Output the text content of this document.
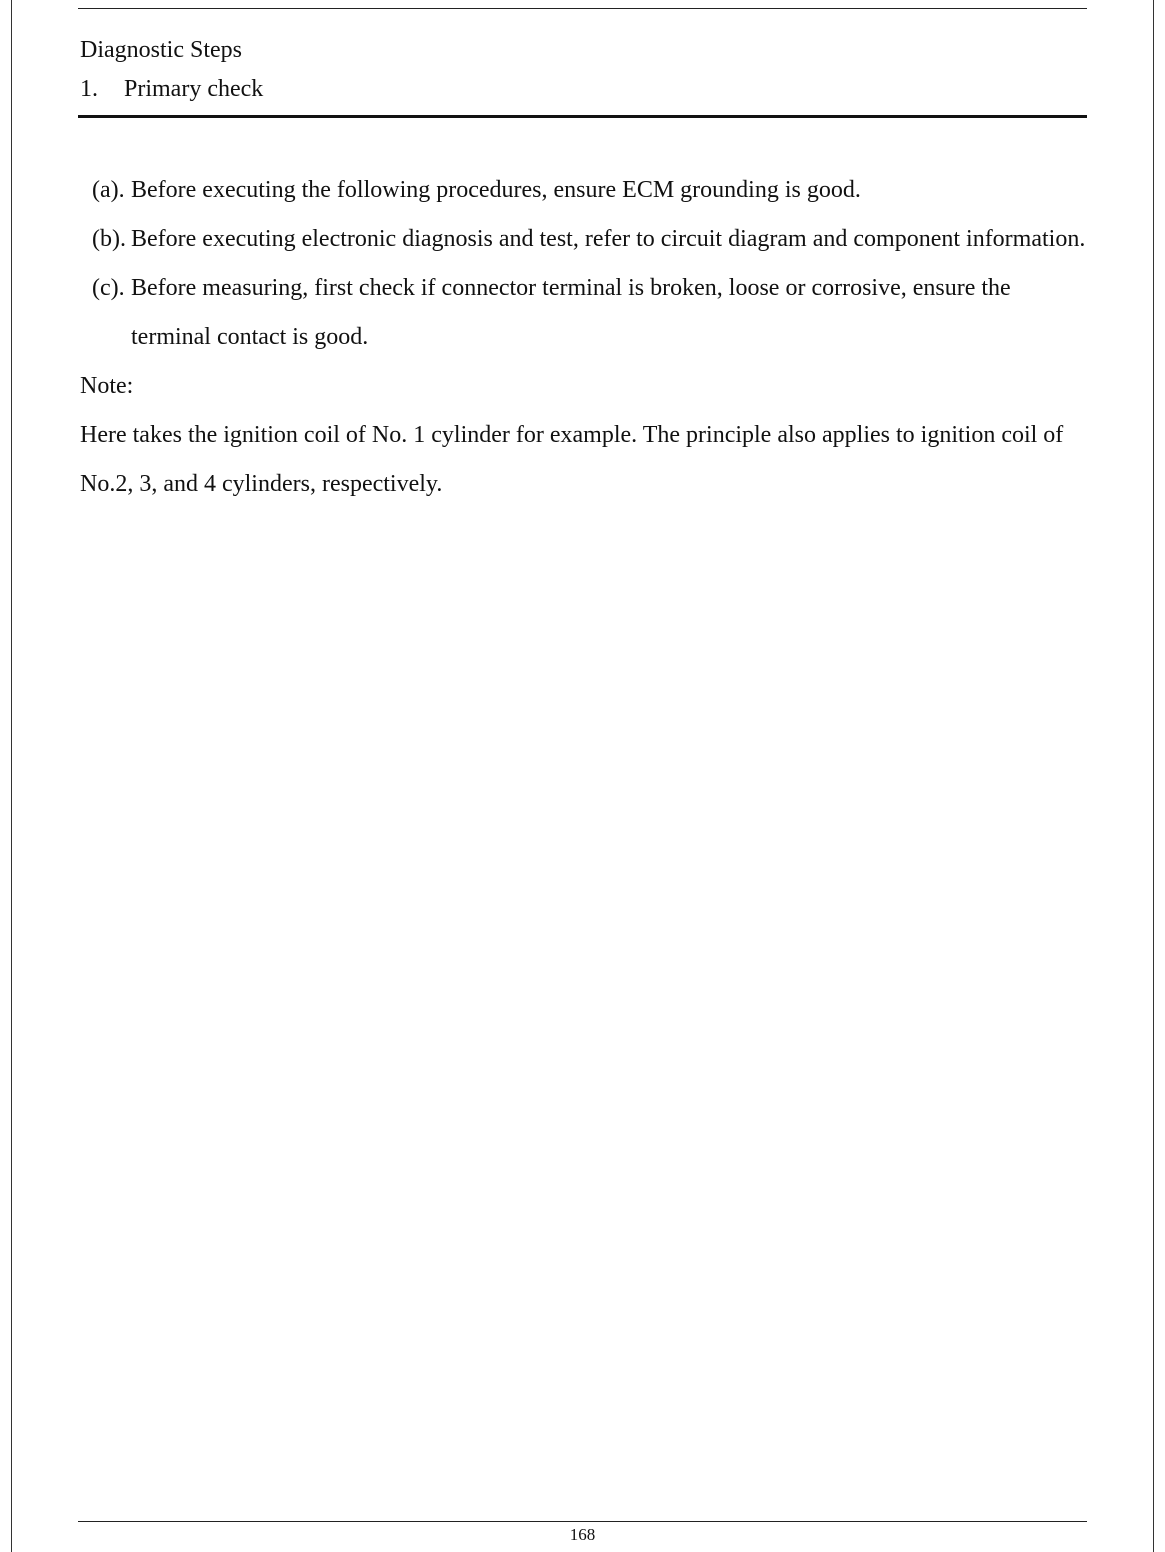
Diagnostic Steps
1.	Primary check
(a). Before executing the following procedures, ensure ECM grounding is good.
(b). Before executing electronic diagnosis and test, refer to circuit diagram and component information.
(c). Before measuring, first check if connector terminal is broken, loose or corrosive, ensure the terminal contact is good.

Note:

Here takes the ignition coil of No. 1 cylinder for example. The principle also applies to ignition coil of No.2, 3, and 4 cylinders, respectively.

168
